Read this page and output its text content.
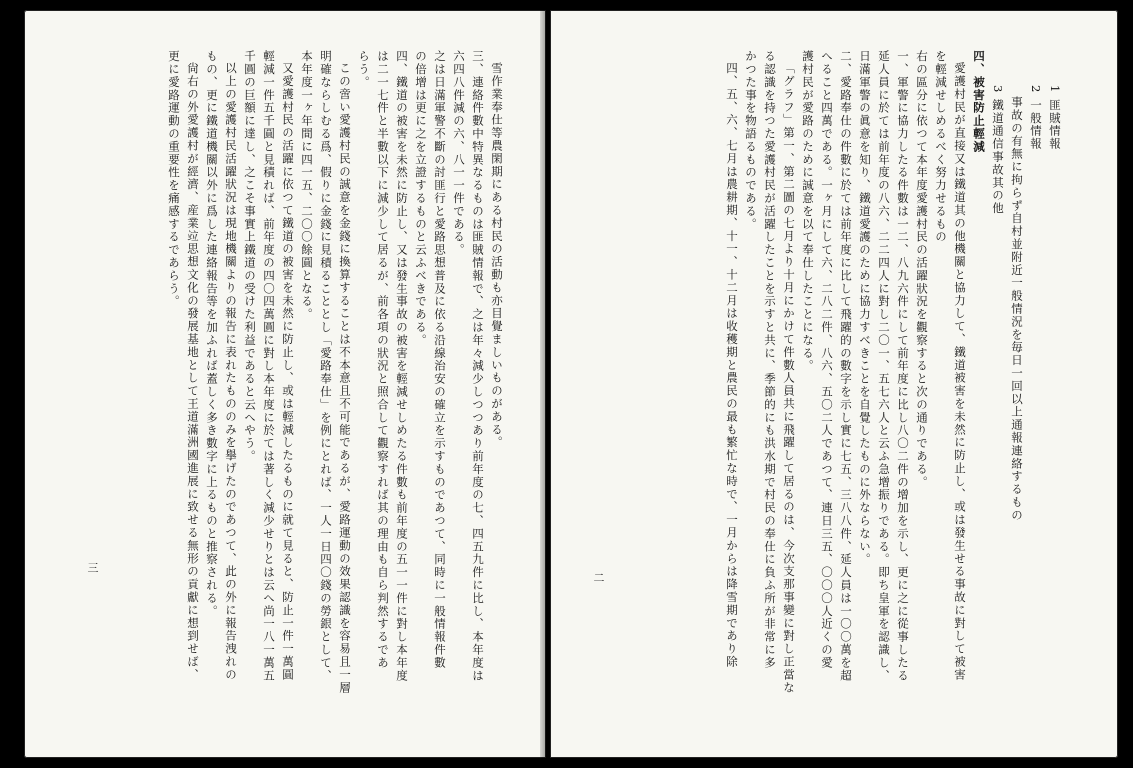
雪作業奉仕等農閑期にある村民の活動も亦目覺ましいものがある。

三、連絡件數中特異なるものは匪賊情報で、之は年々減少しつつあり前年度の七、四五九件に比し、本年度は

六四八件減の六、八一一件である。

之は日滿軍警不斷の討匪行と愛路思想普及に依る沿線治安の確立を示すものであつて、同時に一般情報件數

の倍增は更に之を立證するものと云ふべきである。

四、鐵道の被害を未然に防止し、又は發生事故の被害を輕減せしめたる件數も前年度の五一一件に對し本年度

は二一七件と半數以下に減少して居るが、前各項の狀況と照合して觀察すれば其の理由も自ら判然するであ

らう。

この啻い愛護村民の誠意を金錢に換算することは不本意且不可能であるが、愛路運動の效果認識を容易且一層

明確ならしむる爲、假りに金錢に見積ることとし「愛路奉仕」を例にとれば、一人一日四〇錢の勞銀として、

本年度一ヶ年間に四一五、二〇〇餘圓となる。

又愛護村民の活躍に依つて鐵道の被害を未然に防止し、或は輕減したるものに就て見ると、防止一件一萬圓

輕減一件五千圓と見積れば、前年度の四〇四萬圓に對し本年度に於ては著しく減少せりとは云へ尚一八一萬五

千圓の巨額に達し、之こそ事實上鐵道の受けた利益であると云へやう。

以上の愛護村民活躍狀況は現地機關よりの報告に表れたもののみを擧げたのであつて、此の外に報告洩れの

もの、更に鐵道機關以外に爲した連絡報告等を加ふれば蓋しく多き數字に上るものと推察される。

尙右の外愛護村が經濟、産業竝思想文化の發展基地として王道滿洲國進展に致せる無形の貢獻に想到せば、

更に愛路運動の重要性を痛感するであらう。

三

1 匪賊情報

2 一般情報

事故の有無に拘らず自村並附近一般情況を毎日一回以上通報連絡するもの

3 鐵道通信事故其の他

四、被害防止輕減

愛護村民が直接又は鐵道其の他機關と協力して、鐵道被害を未然に防止し、或は發生せる事故に對して被害

を輕減せしめるべく努力せるもの

右の區分に依つて本年度愛護村民の活躍狀況を觀察すると次の通りである。

一、軍警に協力したる件數は一二、八九六件にして前年度に比し八〇二件の增加を示し、更に之に從事したる

延人員に於ては前年度の八六、二二四人に對し二〇一、五七六人と云ふ急增振りである。即ち皇軍を認識し、

日滿軍警の眞意を知り、鐵道愛護のために協力すべきことを自覺したものに外ならない。

二、愛路奉仕の件數に於ては前年度に比して飛躍的の數字を示し實に七五、三八八件、延人員は一〇〇萬を超

へること四萬である。一ヶ月にして六、二八二件、八六、五〇二人であつて、連日三五、〇〇〇人近くの愛

護村民が愛路のために誠意を以て奉仕したことになる。

「グラフ」第一、第二圖の七月より十月にかけて件數人員共に飛躍して居るのは、今次支那事變に對し正當な

る認識を持つた愛護村民が活躍したことを示すと共に、季節的にも洪水期で村民の奉仕に負ふ所が非常に多

かつた事を物語るものである。

四、五、六、七月は農耕期、十一、十二月は收穫期と農民の最も繁忙な時で、一月からは降雪期であり除

二
